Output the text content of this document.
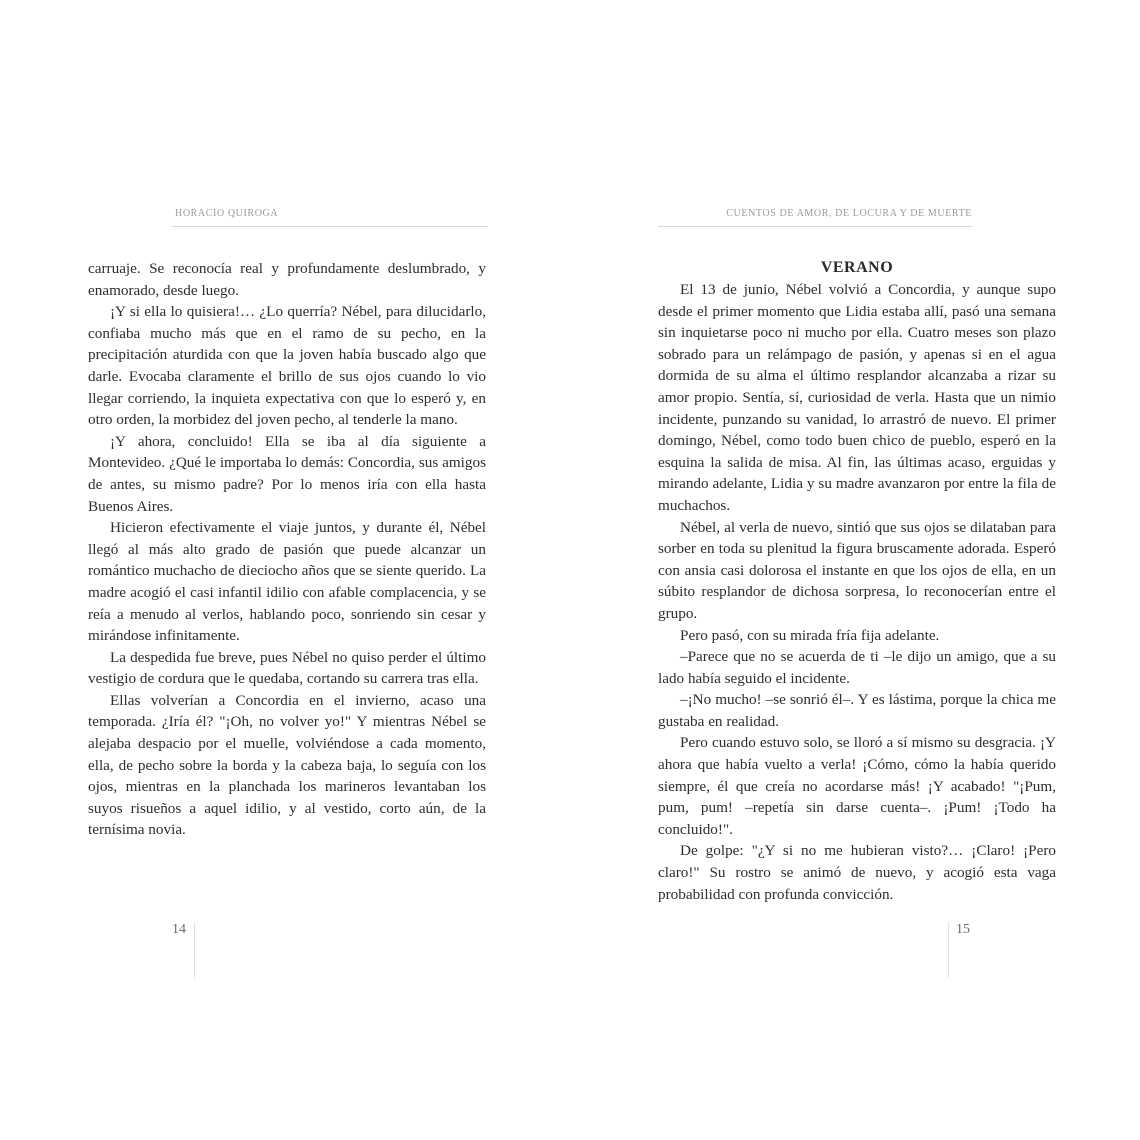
HORACIO QUIROGA

carruaje. Se reconocía real y profundamente deslumbrado, y enamorado, desde luego.

¡Y si ella lo quisiera!… ¿Lo querría? Nébel, para dilucidarlo, confiaba mucho más que en el ramo de su pecho, en la precipitación aturdida con que la joven había buscado algo que darle. Evocaba claramente el brillo de sus ojos cuando lo vio llegar corriendo, la inquieta expectativa con que lo esperó y, en otro orden, la morbidez del joven pecho, al tenderle la mano.

¡Y ahora, concluido! Ella se iba al día siguiente a Montevideo. ¿Qué le importaba lo demás: Concordia, sus amigos de antes, su mismo padre? Por lo menos iría con ella hasta Buenos Aires.

Hicieron efectivamente el viaje juntos, y durante él, Nébel llegó al más alto grado de pasión que puede alcanzar un romántico muchacho de dieciocho años que se siente querido. La madre acogió el casi infantil idilio con afable complacencia, y se reía a menudo al verlos, hablando poco, sonriendo sin cesar y mirándose infinitamente.

La despedida fue breve, pues Nébel no quiso perder el último vestigio de cordura que le quedaba, cortando su carrera tras ella.

Ellas volverían a Concordia en el invierno, acaso una temporada. ¿Iría él? "¡Oh, no volver yo!" Y mientras Nébel se alejaba despacio por el muelle, volviéndose a cada momento, ella, de pecho sobre la borda y la cabeza baja, lo seguía con los ojos, mientras en la planchada los marineros levantaban los suyos risueños a aquel idilio, y al vestido, corto aún, de la ternísima novia.

14
CUENTOS DE AMOR, DE LOCURA Y DE MUERTE
VERANO

El 13 de junio, Nébel volvió a Concordia, y aunque supo desde el primer momento que Lidia estaba allí, pasó una semana sin inquietarse poco ni mucho por ella. Cuatro meses son plazo sobrado para un relámpago de pasión, y apenas si en el agua dormida de su alma el último resplandor alcanzaba a rizar su amor propio. Sentía, sí, curiosidad de verla. Hasta que un nimio incidente, punzando su vanidad, lo arrastró de nuevo. El primer domingo, Nébel, como todo buen chico de pueblo, esperó en la esquina la salida de misa. Al fin, las últimas acaso, erguidas y mirando adelante, Lidia y su madre avanzaron por entre la fila de muchachos.

Nébel, al verla de nuevo, sintió que sus ojos se dilataban para sorber en toda su plenitud la figura bruscamente adorada. Esperó con ansia casi dolorosa el instante en que los ojos de ella, en un súbito resplandor de dichosa sorpresa, lo reconocerían entre el grupo.

Pero pasó, con su mirada fría fija adelante.

–Parece que no se acuerda de ti –le dijo un amigo, que a su lado había seguido el incidente.

–¡No mucho! –se sonrió él–. Y es lástima, porque la chica me gustaba en realidad.

Pero cuando estuvo solo, se lloró a sí mismo su desgracia. ¡Y ahora que había vuelto a verla! ¡Cómo, cómo la había querido siempre, él que creía no acordarse más! ¡Y acabado! "¡Pum, pum, pum! –repetía sin darse cuenta–. ¡Pum! ¡Todo ha concluido!".

De golpe: "¿Y si no me hubieran visto?… ¡Claro! ¡Pero claro!" Su rostro se animó de nuevo, y acogió esta vaga probabilidad con profunda convicción.

15
